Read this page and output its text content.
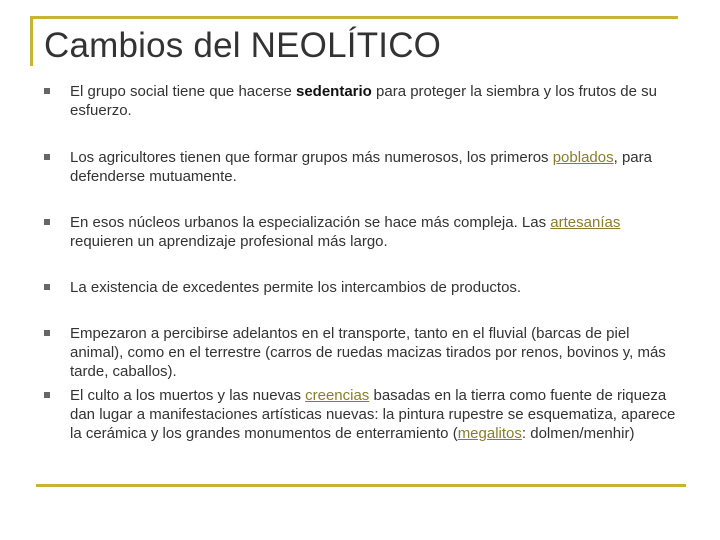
Cambios del NEOLÍTICO
El grupo social tiene que hacerse sedentario para proteger la siembra y los frutos de su esfuerzo.
Los agricultores tienen que formar grupos más numerosos, los primeros poblados, para defenderse mutuamente.
En esos núcleos urbanos la especialización se hace más compleja. Las artesanías requieren un aprendizaje profesional más largo.
La existencia de excedentes permite los intercambios de productos.
Empezaron a percibirse adelantos en el transporte, tanto en el fluvial (barcas de piel animal), como en el terrestre (carros de ruedas macizas tirados por renos, bovinos y, más tarde, caballos).
El culto a los muertos y las nuevas creencias basadas en la tierra como fuente de riqueza dan lugar a manifestaciones artísticas nuevas: la pintura rupestre se esquematiza, aparece la cerámica y los grandes monumentos de enterramiento (megalitos: dolmen/menhir)
